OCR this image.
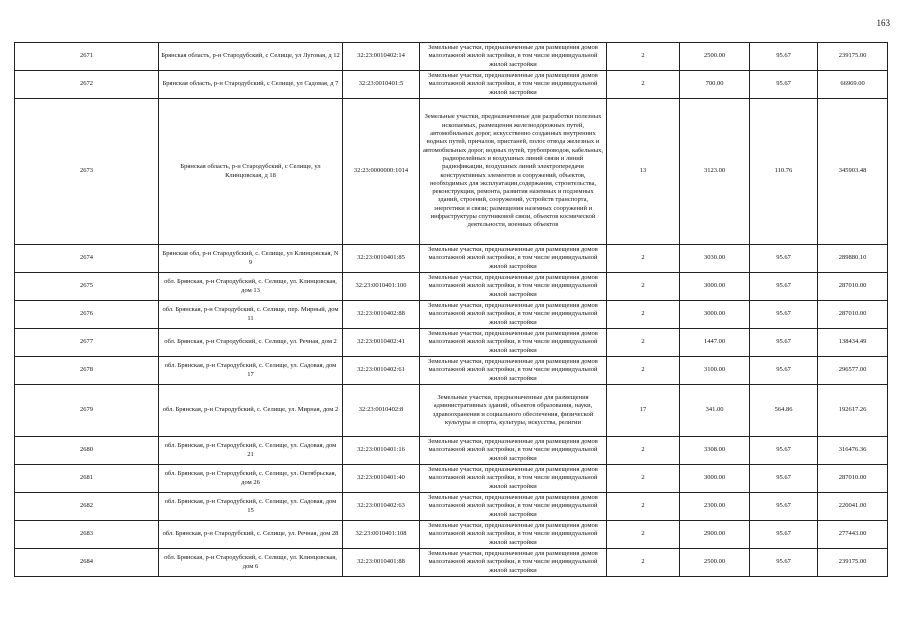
163
2671	Брянская область, р-н Стародубский, с Селище, ул Луговая, д 12	32:23:0010402:14	Земельные участки, предназначенные для размещения домов малоэтажной жилой застройки, в том числе индивидуальной жилой застройки	2	2500.00	95.67	239175.00
2672	Брянская область, р-н Стародубский, с Селище, ул Садовая, д 7	32:23:0010401:5	Земельные участки, предназначенные для размещения домов малоэтажной жилой застройки, в том числе индивидуальной жилой застройки	2	700.00	95.67	66969.00
2673	Брянская область, р-н Стародубский, с Селище, ул Клинцовская, д 18	32:23:0000000:1014	Земельные участки, предназначенные для разработки полезных ископаемых, размещения железнодорожных путей, автомобильных дорог, искусственно созданных внутренних водных путей, причалов, пристаней, полос отвода железных и автомобильных дорог, водных путей, трубопроводов, кабельных, радиорелейных и воздушных линий связи и линий радиофикации, воздушных линий электропередачи конструктивных элементов и сооружений, объектов, необходимых для эксплуатации,содержания, строительства, реконструкции, ремонта, развития наземных и подземных зданий, строений, сооружений, устройств транспорта, энергетики и связи; размещения наземных сооружений и инфраструктуры спутниковой связи, объектов космической деятельности, военных объектов	13	3123.00	110.76	345903.48
2674	Брянская обл, р-н Стародубский, с. Селище, ул Клинцовская, N 9	32:23:0010401:85	Земельные участки, предназначенные для размещения домов малоэтажной жилой застройки, в том числе индивидуальной жилой застройки	2	3030.00	95.67	289880.10
2675	обл. Брянская, р-н Стародубский, с. Селище, ул. Клинцовская, дом 13	32:23:0010401:100	Земельные участки, предназначенные для размещения домов малоэтажной жилой застройки, в том числе индивидуальной жилой застройки	2	3000.00	95.67	287010.00
2676	обл. Брянская, р-н Стародубский, с. Селище, пер. Мирный, дом 11	32:23:0010402:88	Земельные участки, предназначенные для размещения домов малоэтажной жилой застройки, в том числе индивидуальной жилой застройки	2	3000.00	95.67	287010.00
2677	обл. Брянская, р-н Стародубский, с. Селище, ул. Речная, дом 2	32:23:0010402:41	Земельные участки, предназначенные для размещения домов малоэтажной жилой застройки, в том числе индивидуальной жилой застройки	2	1447.00	95.67	138434.49
2678	обл. Брянская, р-н Стародубский, с. Селище, ул. Садовая, дом 17	32:23:0010402:61	Земельные участки, предназначенные для размещения домов малоэтажной жилой застройки, в том числе индивидуальной жилой застройки	2	3100.00	95.67	296577.00
2679	обл. Брянская, р-н Стародубский, с. Селище, ул. Мирная, дом 2	32:23:0010402:8	Земельные участки, предназначенные для размещения административных зданий, объектов образования, науки, здравоохранения и социального обеспечения, физической культуры и спорта, культуры, искусства, религии	17	341.00	564.86	192617.26
2680	обл. Брянская, р-н Стародубский, с. Селище, ул. Садовая, дом 21	32:23:0010401:16	Земельные участки, предназначенные для размещения домов малоэтажной жилой застройки, в том числе индивидуальной жилой застройки	2	3308.00	95.67	316476.36
2681	обл. Брянская, р-н Стародубский, с. Селище, ул. Октябрьская, дом 26	32:23:0010401:40	Земельные участки, предназначенные для размещения домов малоэтажной жилой застройки, в том числе индивидуальной жилой застройки	2	3000.00	95.67	287010.00
2682	обл. Брянская, р-н Стародубский, с. Селище, ул. Садовая, дом 15	32:23:0010402:63	Земельные участки, предназначенные для размещения домов малоэтажной жилой застройки, в том числе индивидуальной жилой застройки	2	2300.00	95.67	220041.00
2683	обл. Брянская, р-н Стародубский, с. Селище, ул. Речная, дом 28	32:23:0010401:108	Земельные участки, предназначенные для размещения домов малоэтажной жилой застройки, в том числе индивидуальной жилой застройки	2	2900.00	95.67	277443.00
2684	обл. Брянская, р-н Стародубский, с. Селище, ул. Клинцовская, дом 6	32:23:0010401:88	Земельные участки, предназначенные для размещения домов малоэтажной жилой застройки, в том числе индивидуальной жилой застройки	2	2500.00	95.67	239175.00
